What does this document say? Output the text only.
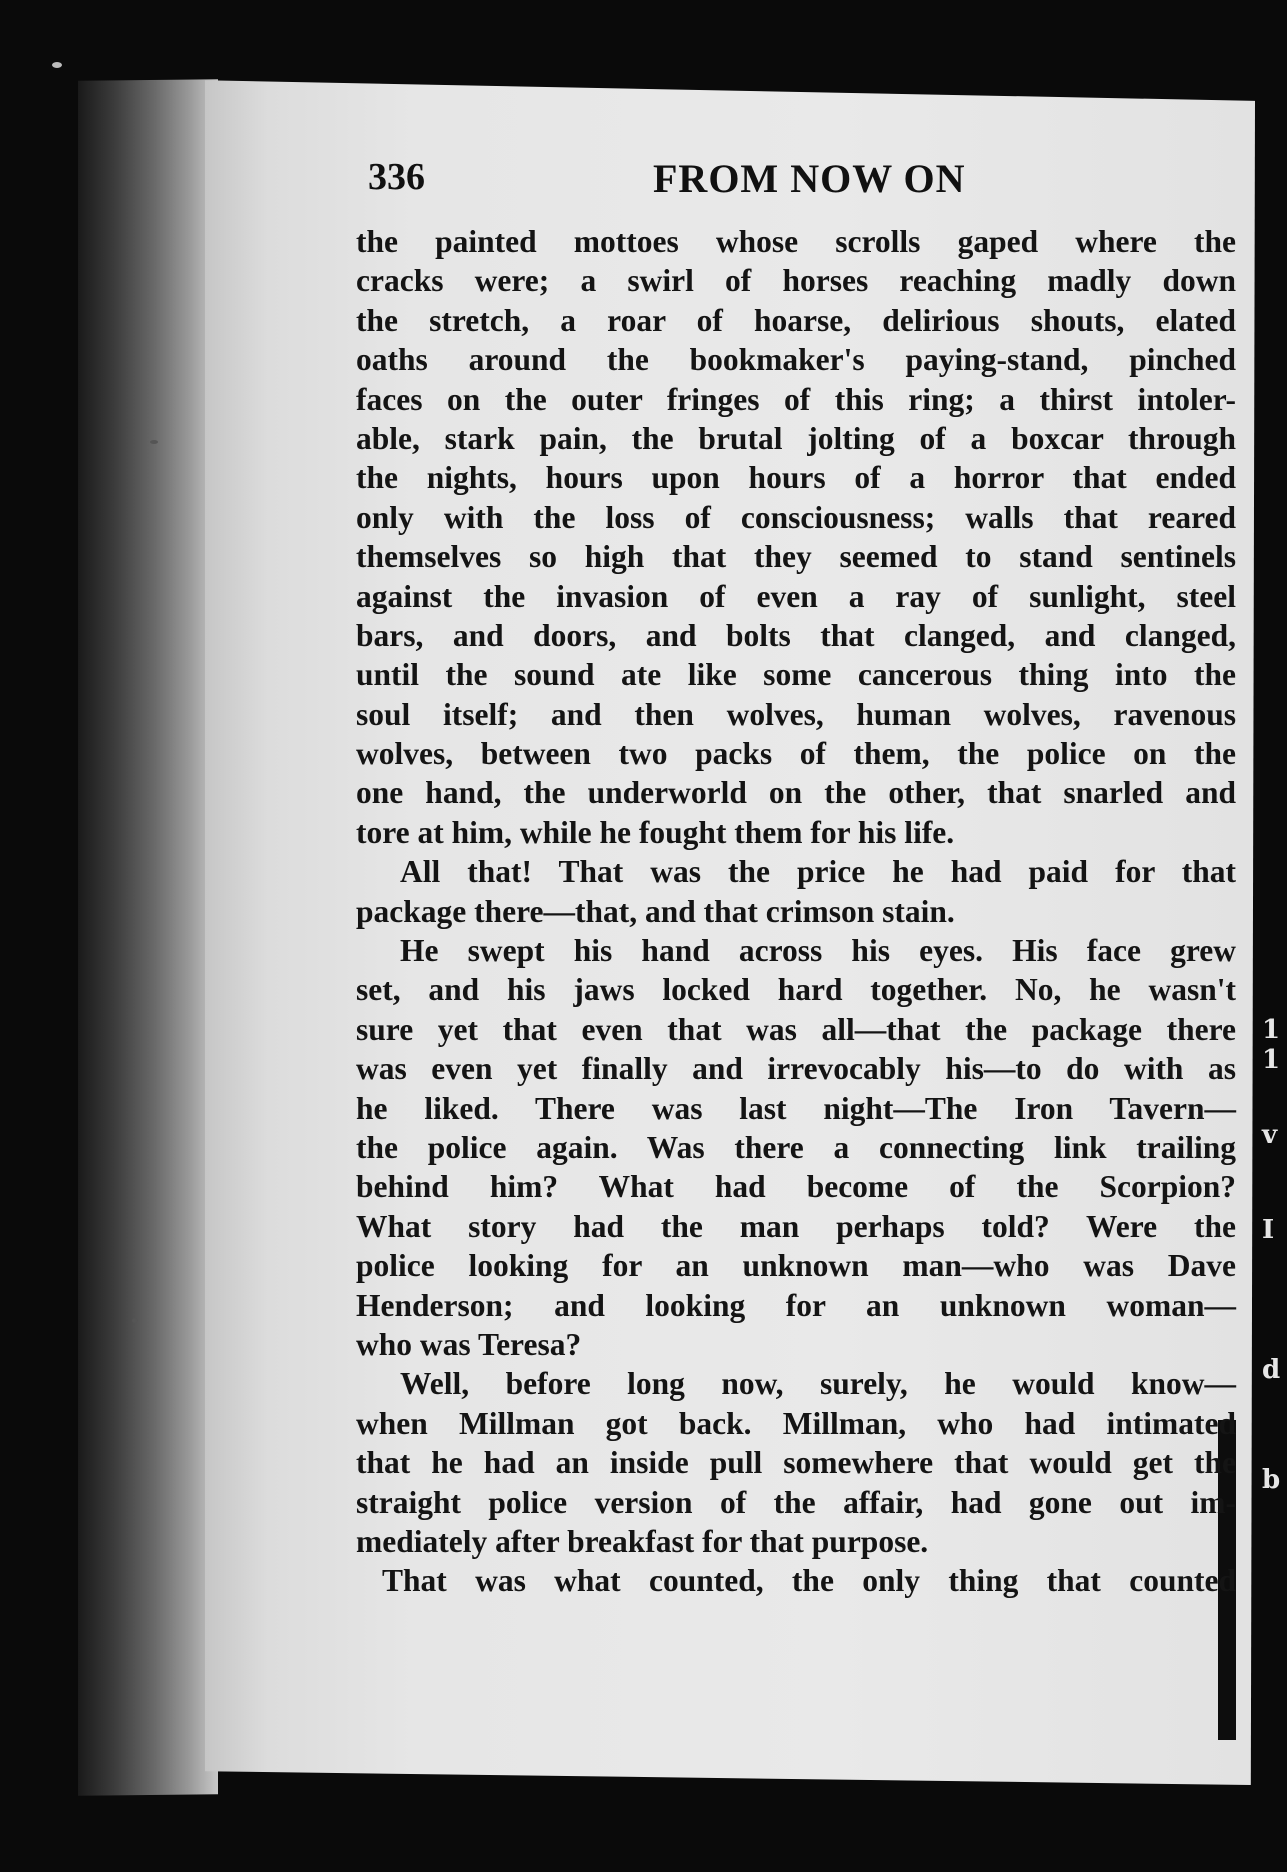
1
1
v
I
d
b
336	FROM NOW ON
the painted mottoes whose scrolls gaped where the
cracks were; a swirl of horses reaching madly down
the stretch, a roar of hoarse, delirious shouts, elated
oaths around the bookmaker's paying-stand, pinched
faces on the outer fringes of this ring; a thirst intoler-
able, stark pain, the brutal jolting of a boxcar through
the nights, hours upon hours of a horror that ended
only with the loss of consciousness; walls that reared
themselves so high that they seemed to stand sentinels
against the invasion of even a ray of sunlight, steel
bars, and doors, and bolts that clanged, and clanged,
until the sound ate like some cancerous thing into the
soul itself; and then wolves, human wolves, ravenous
wolves, between two packs of them, the police on the
one hand, the underworld on the other, that snarled and
tore at him, while he fought them for his life.
All that! That was the price he had paid for that
package there—that, and that crimson stain.
He swept his hand across his eyes. His face grew
set, and his jaws locked hard together. No, he wasn't
sure yet that even that was all—that the package there
was even yet finally and irrevocably his—to do with as
he liked. There was last night—The Iron Tavern—
the police again. Was there a connecting link trailing
behind him? What had become of the Scorpion?
What story had the man perhaps told? Were the
police looking for an unknown man—who was Dave
Henderson; and looking for an unknown woman—
who was Teresa?
Well, before long now, surely, he would know—
when Millman got back. Millman, who had intimated
that he had an inside pull somewhere that would get the
straight police version of the affair, had gone out im-
mediately after breakfast for that purpose.
That was what counted, the only thing that counted
